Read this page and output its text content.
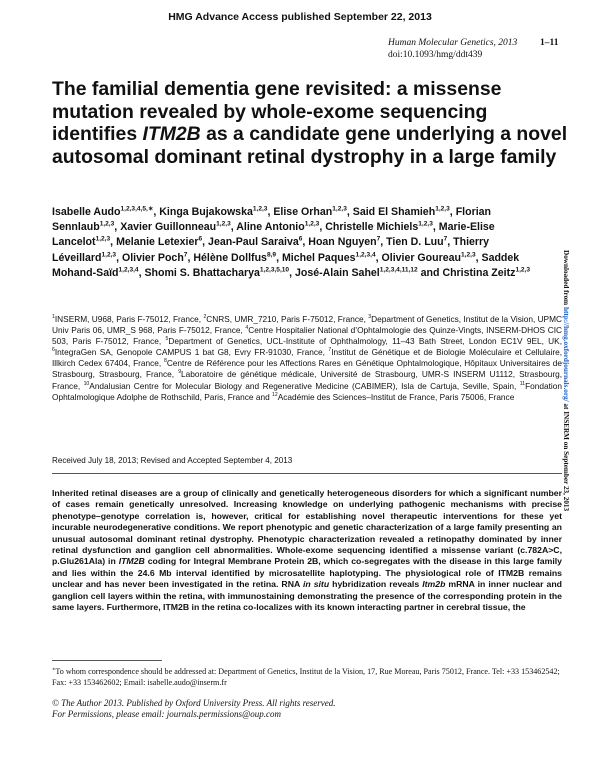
HMG Advance Access published September 22, 2013
Human Molecular Genetics, 2013 1–11
doi:10.1093/hmg/ddt439
The familial dementia gene revisited: a missense mutation revealed by whole-exome sequencing identifies ITM2B as a candidate gene underlying a novel autosomal dominant retinal dystrophy in a large family
Isabelle Audo$^{1,2,3,4,5,∗}$, Kinga Bujakowska$^{1,2,3}$, Elise Orhan$^{1,2,3}$, Said El Shamieh$^{1,2,3}$, Florian Sennlaub$^{1,2,3}$, Xavier Guillonneau$^{1,2,3}$, Aline Antonio$^{1,2,3}$, Christelle Michiels$^{1,2,3}$, Marie-Elise Lancelot$^{1,2,3}$, Melanie Letexier$^6$, Jean-Paul Saraiva$^6$, Hoan Nguyen$^7$, Tien D. Luu$^7$, Thierry Léveillard$^{1,2,3}$, Olivier Poch$^7$, Hélène Dollfus$^{8,9}$, Michel Paques$^{1,2,3,4}$, Olivier Goureau$^{1,2,3}$, Saddek Mohand-Saïd$^{1,2,3,4}$, Shomi S. Bhattacharya$^{1,2,3,5,10}$, José-Alain Sahel$^{1,2,3,4,11,12}$ and Christina Zeitz$^{1,2,3}$
$^1$INSERM, U968, Paris F-75012, France, $^2$CNRS, UMR_7210, Paris F-75012, France, $^3$Department of Genetics, Institut de la Vision, UPMC Univ Paris 06, UMR_S 968, Paris F-75012, France, $^4$Centre Hospitalier National d’Ophtalmologie des Quinze-Vingts, INSERM-DHOS CIC 503, Paris F-75012, France, $^5$Department of Genetics, UCL-Institute of Ophthalmology, 11–43 Bath Street, London EC1V 9EL, UK, $^6$IntegraGen SA, Genopole CAMPUS 1 bat G8, Evry FR-91030, France, $^7$Institut de Génétique et de Biologie Moléculaire et Cellulaire, Illkirch Cedex 67404, France, $^8$Centre de Référence pour les Affections Rares en Génétique Ophtalmologique, Hôpitaux Universitaires de Strasbourg, Strasbourg, France, $^9$Laboratoire de génétique médicale, Université de Strasbourg, UMR-S INSERM U1112, Strasbourg, France, $^{10}$Andalusian Centre for Molecular Biology and Regenerative Medicine (CABIMER), Isla de Cartuja, Seville, Spain, $^{11}$Fondation Ophtalmologique Adolphe de Rothschild, Paris, France and $^{12}$Académie des Sciences–Institut de France, Paris 75006, France
Received July 18, 2013; Revised and Accepted September 4, 2013
Inherited retinal diseases are a group of clinically and genetically heterogeneous disorders for which a significant number of cases remain genetically unresolved. Increasing knowledge on underlying pathogenic mechanisms with precise phenotype–genotype correlation is, however, critical for establishing novel therapeutic interventions for these yet incurable neurodegenerative conditions. We report phenotypic and genetic characterization of a large family presenting an unusual autosomal dominant retinal dystrophy. Phenotypic characterization revealed a retinopathy dominated by inner retinal dysfunction and ganglion cell abnormalities. Whole-exome sequencing identified a missense variant (c.782A>C, p.Glu261Ala) in ITM2B coding for Integral Membrane Protein 2B, which co-segregates with the disease in this large family and lies within the 24.6 Mb interval identified by microsatellite haplotyping. The physiological role of ITM2B remains unclear and has never been investigated in the retina. RNA in situ hybridization reveals Itm2b mRNA in inner nuclear and ganglion cell layers within the retina, with immunostaining demonstrating the presence of the corresponding protein in the same layers. Furthermore, ITM2B in the retina co-localizes with its known interacting partner in cerebral tissue, the
∗To whom correspondence should be addressed at: Department of Genetics, Institut de la Vision, 17, Rue Moreau, Paris 75012, France. Tel: +33 153462542; Fax: +33 153462602; Email: isabelle.audo@inserm.fr
© The Author 2013. Published by Oxford University Press. All rights reserved.
For Permissions, please email: journals.permissions@oup.com
Downloaded from http://hmg.oxfordjournals.org/ at INSERM on September 23, 2013
